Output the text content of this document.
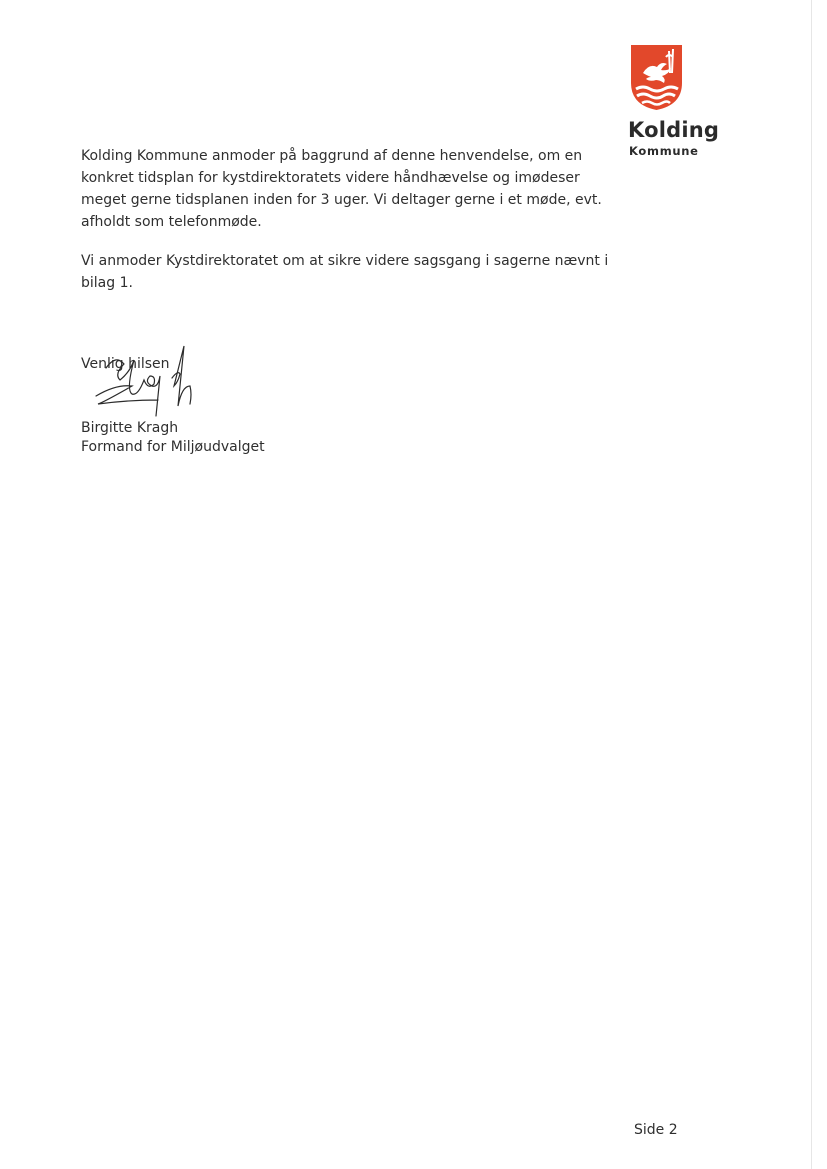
Kolding
Kommune

Kolding Kommune anmoder på baggrund af denne henvendelse, om en konkret tidsplan for kystdirektoratets videre håndhævelse og imødeser meget gerne tidsplanen inden for 3 uger. Vi deltager gerne i et møde, evt. afholdt som telefonmøde.

Vi anmoder Kystdirektoratet om at sikre videre sagsgang i sagerne nævnt i bilag 1.

Venlig hilsen
Birgitte Kragh
Formand for Miljøudvalget
Side 2
